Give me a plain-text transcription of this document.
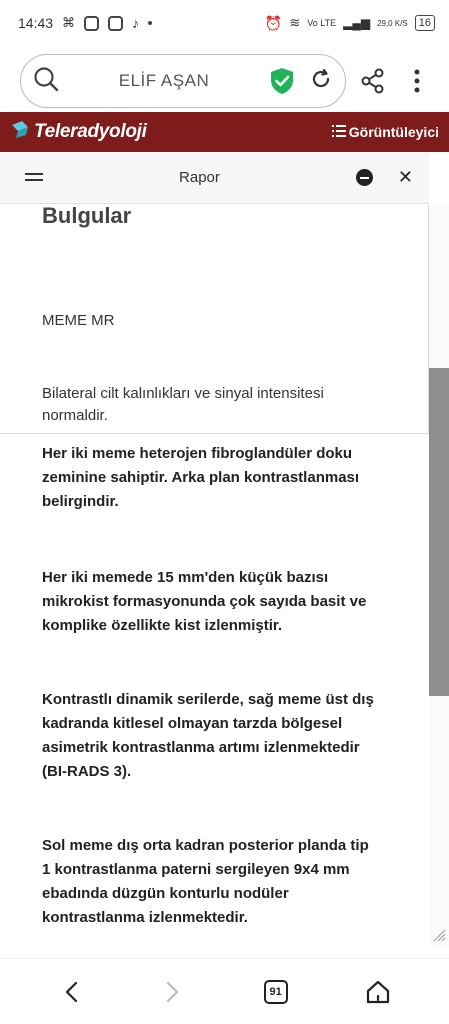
14:43 ⌘	♪	⏰ ≋ Vo LTE ▂▄▆ 29,0 K/S	16
ELİF AŞAN
Teleradyoloji	Görüntüleyici
Rapor	✕
Bulgular
MEME MR
Bilateral cilt kalınlıkları ve sinyal intensitesi normaldir.
Her iki meme heterojen fibroglandüler doku zeminine sahiptir. Arka plan kontrastlanması belirgindir.
Her iki memede 15 mm'den küçük bazısı mikrokist formasyonunda çok sayıda basit ve komplike özellikte kist izlenmiştir.
Kontrastlı dinamik serilerde, sağ meme üst dış kadranda kitlesel olmayan tarzda bölgesel asimetrik kontrastlanma artımı izlenmektedir (BI-RADS 3).
Sol meme dış orta kadran posterior planda tip 1 kontrastlanma paterni sergileyen 9x4 mm ebadında düzgün konturlu nodüler kontrastlanma izlenmektedir.
91
